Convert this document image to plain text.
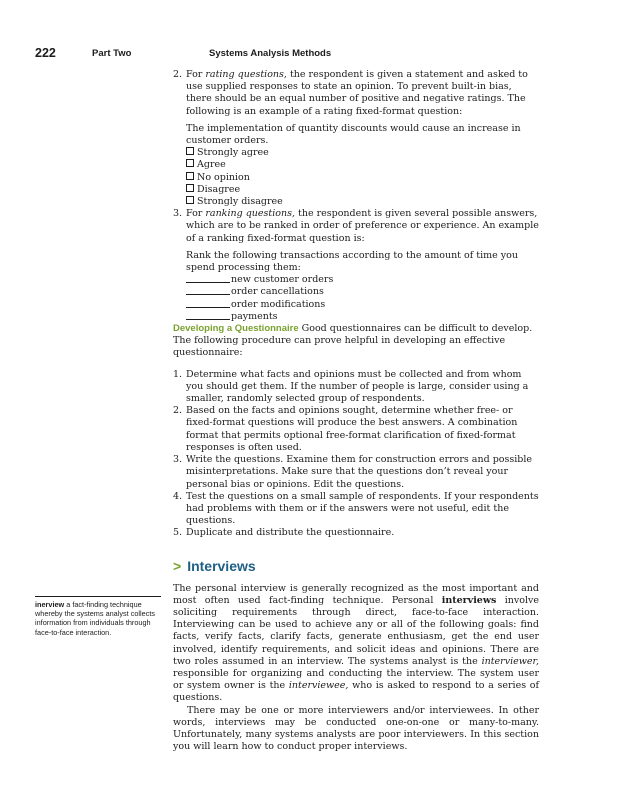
222	Part Two	Systems Analysis Methods
2. For rating questions, the respondent is given a statement and asked to use supplied responses to state an opinion. To prevent built-in bias, there should be an equal number of positive and negative ratings. The following is an example of a rating fixed-format question:

The implementation of quantity discounts would cause an increase in customer orders.

Strongly agree
Agree
No opinion
Disagree
Strongly disagree
3. For ranking questions, the respondent is given several possible answers, which are to be ranked in order of preference or experience. An example of a ranking fixed-format question is:

Rank the following transactions according to the amount of time you spend processing them:

new customer orders
order cancellations
order modifications
payments

Developing a Questionnaire Good questionnaires can be difficult to develop. The following procedure can prove helpful in developing an effective questionnaire:

1. Determine what facts and opinions must be collected and from whom you should get them. If the number of people is large, consider using a smaller, randomly selected group of respondents.

2. Based on the facts and opinions sought, determine whether free- or fixed-format questions will produce the best answers. A combination format that permits optional free-format clarification of fixed-format responses is often used.

3. Write the questions. Examine them for construction errors and possible misinterpretations. Make sure that the questions don’t reveal your personal bias or opinions. Edit the questions.

4. Test the questions on a small sample of respondents. If your respondents had problems with them or if the answers were not useful, edit the questions.

5. Duplicate and distribute the questionnaire.

> Interviews

The personal interview is generally recognized as the most important and most often used fact-finding technique. Personal interviews involve soliciting requirements through direct, face-to-face interaction. Interviewing can be used to achieve any or all of the following goals: find facts, verify facts, clarify facts, generate enthusiasm, get the end user involved, identify requirements, and solicit ideas and opinions. There are two roles assumed in an interview. The systems analyst is the interviewer, responsible for organizing and conducting the interview. The system user or system owner is the interviewee, who is asked to respond to a series of questions.

There may be one or more interviewers and/or interviewees. In other words, interviews may be conducted one-on-one or many-to-many. Unfortunately, many systems analysts are poor interviewers. In this section you will learn how to conduct proper interviews.

inerview a fact-finding technique whereby the systems analyst collects information from individuals through face-to-face interaction.
